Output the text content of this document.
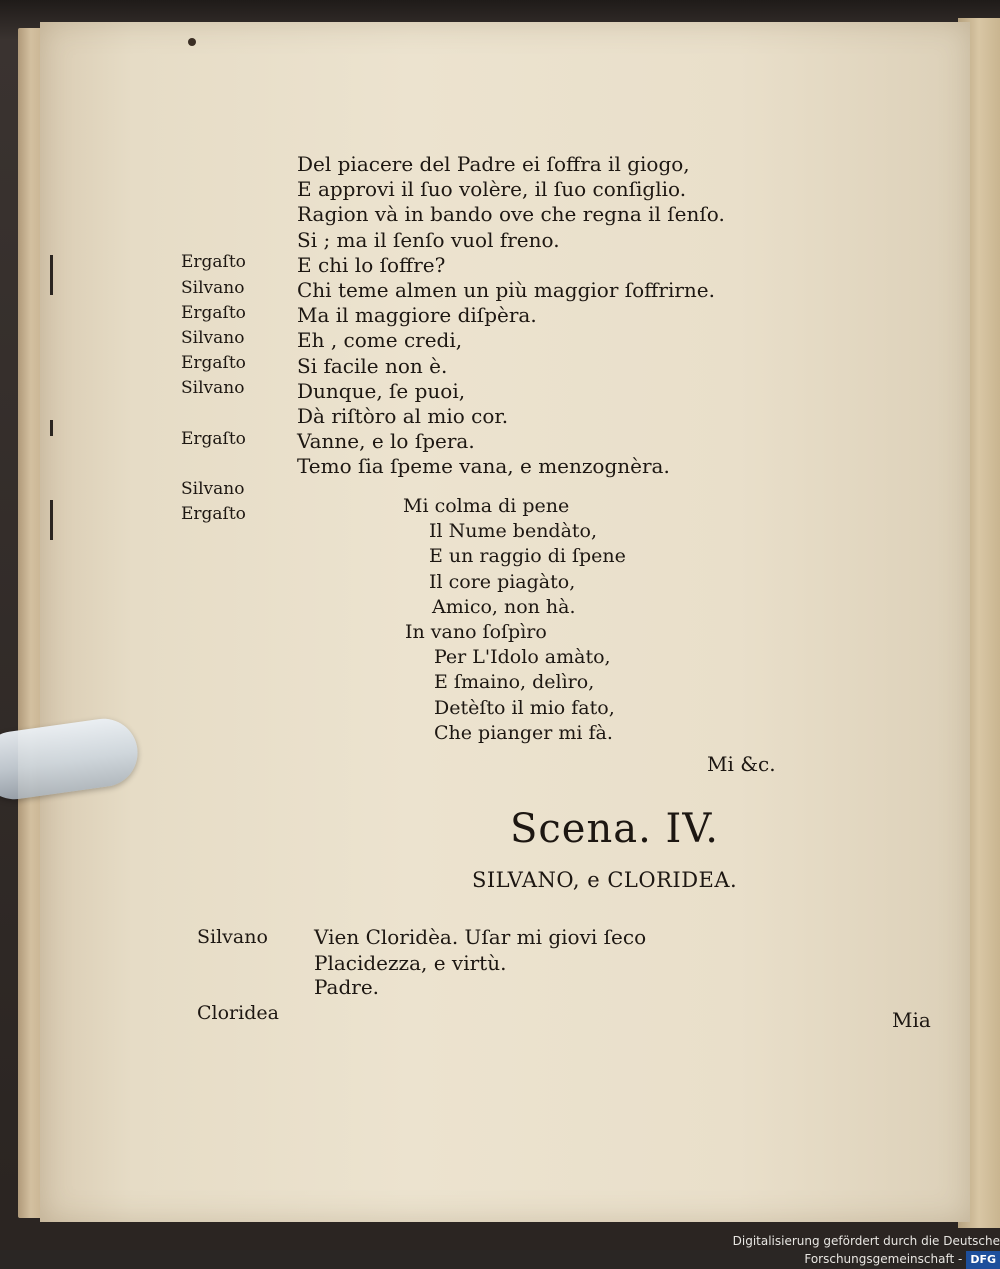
Del piacere del Padre ei ſoffra il giogo,
E approvi il ſuo volère, il ſuo conſiglio.
Ergaſto
Ragion và in bando ove che regna il ſenſo.
Silvano
Si ; ma il ſenſo vuol freno.
Ergaſto
E chi lo ſoffre?
Silvano
Chi teme almen un più maggior ſoffrirne.
Ergaſto
Ma il maggiore diſpèra.
Silvano
Eh , come credi,
Si facile non è.
Ergaſto
Dunque, ſe puoi,
Dà riſtòro al mio cor.
Silvano
Vanne, e lo ſpera.
Ergaſto
Temo ſia ſpeme vana, e menzognèra.
Mi colma di pene
Il Nume bendàto,
E un raggio di ſpene
Il core piagàto,
Amico, non hà.
In vano ſoſpìro
Per L'Idolo amàto,
E ſmaino, delìro,
Detèſto il mio fato,
Che pianger mi fà.
Mi &c.
Scena. IV.
SILVANO, e CLORIDEA.
Silvano Vien Cloridèa. Uſar mi giovi ſeco
Placidezza, e virtù.
Cloridea
Padre.
Mia
Digitalisierung gefördert durch die Deutsche Forschungsgemeinschaft - DFG
